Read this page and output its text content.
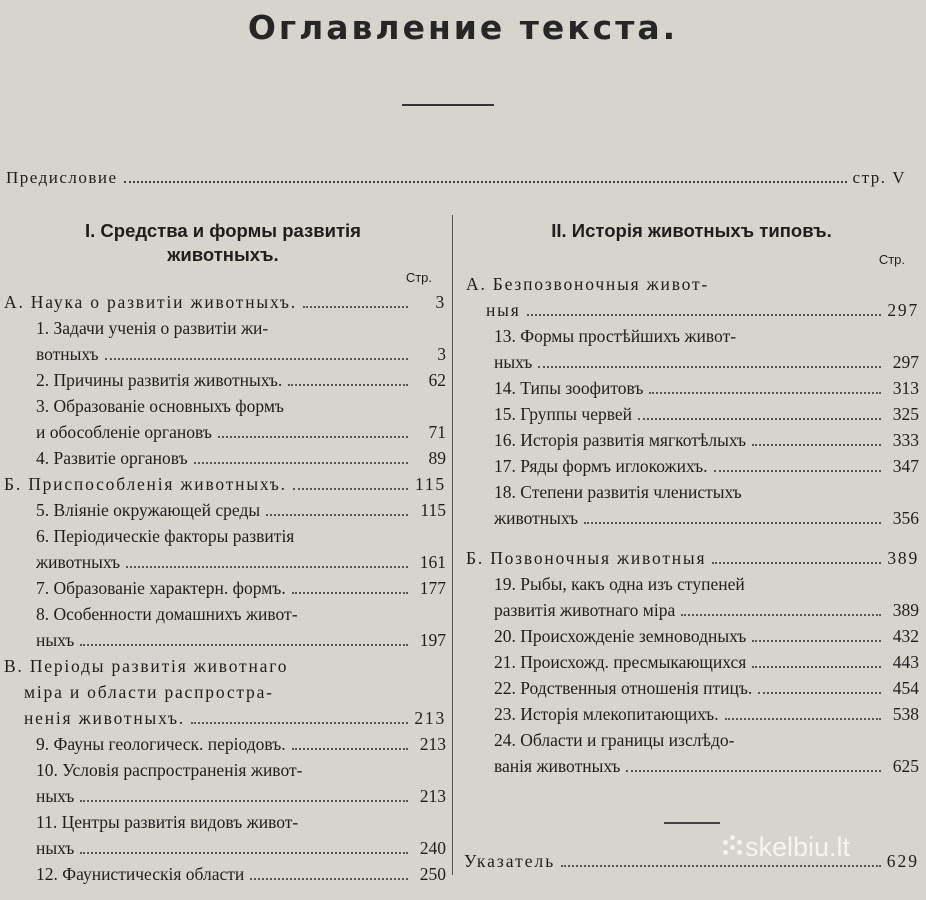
Оглавление текста.
Предисловие	стр. V
I. Средства и формы развитія
животныхъ.
Стр.
А. Наука о развитіи животныхъ.	3
1. Задачи ученія о развитіи жи-
вотныхъ	3
2. Причины развитія животныхъ.	62
3. Образованіе основныхъ формъ
и обособленіе органовъ	71
4. Развитіе органовъ	89
Б. Приспособленія животныхъ.	115
5. Вліяніе окружающей среды	115
6. Періодическіе факторы развитія
животныхъ	161
7. Образованіе характерн. формъ.	177
8. Особенности домашнихъ живот-
ныхъ	197
В. Періоды развитія животнаго
міра и области распростра-
ненія животныхъ.	213
9. Фауны геологическ. періодовъ.	213
10. Условія распространенія живот-
ныхъ	213
11. Центры развитія видовъ живот-
ныхъ	240
12. Фаунистическія области	250
II. Исторія животныхъ типовъ.
Стр.
А. Безпозвоночныя живот-
ныя	297
13. Формы простѣйшихъ живот-
ныхъ	297
14. Типы зоофитовъ	313
15. Группы червей	325
16. Исторія развитія мягкотѣлыхъ	333
17. Ряды формъ иглокожихъ.	347
18. Степени развитія членистыхъ
животныхъ	356
Б. Позвоночныя животныя	389
19. Рыбы, какъ одна изъ ступеней
развитія животнаго міра	389
20. Происхожденіе земноводныхъ	432
21. Происхожд. пресмыкающихся	443
22. Родственныя отношенія птицъ.	454
23. Исторія млекопитающихъ.	538
24. Области и границы изслѣдо-
ванія животныхъ	625
Указатель	629
skelbiu.lt
